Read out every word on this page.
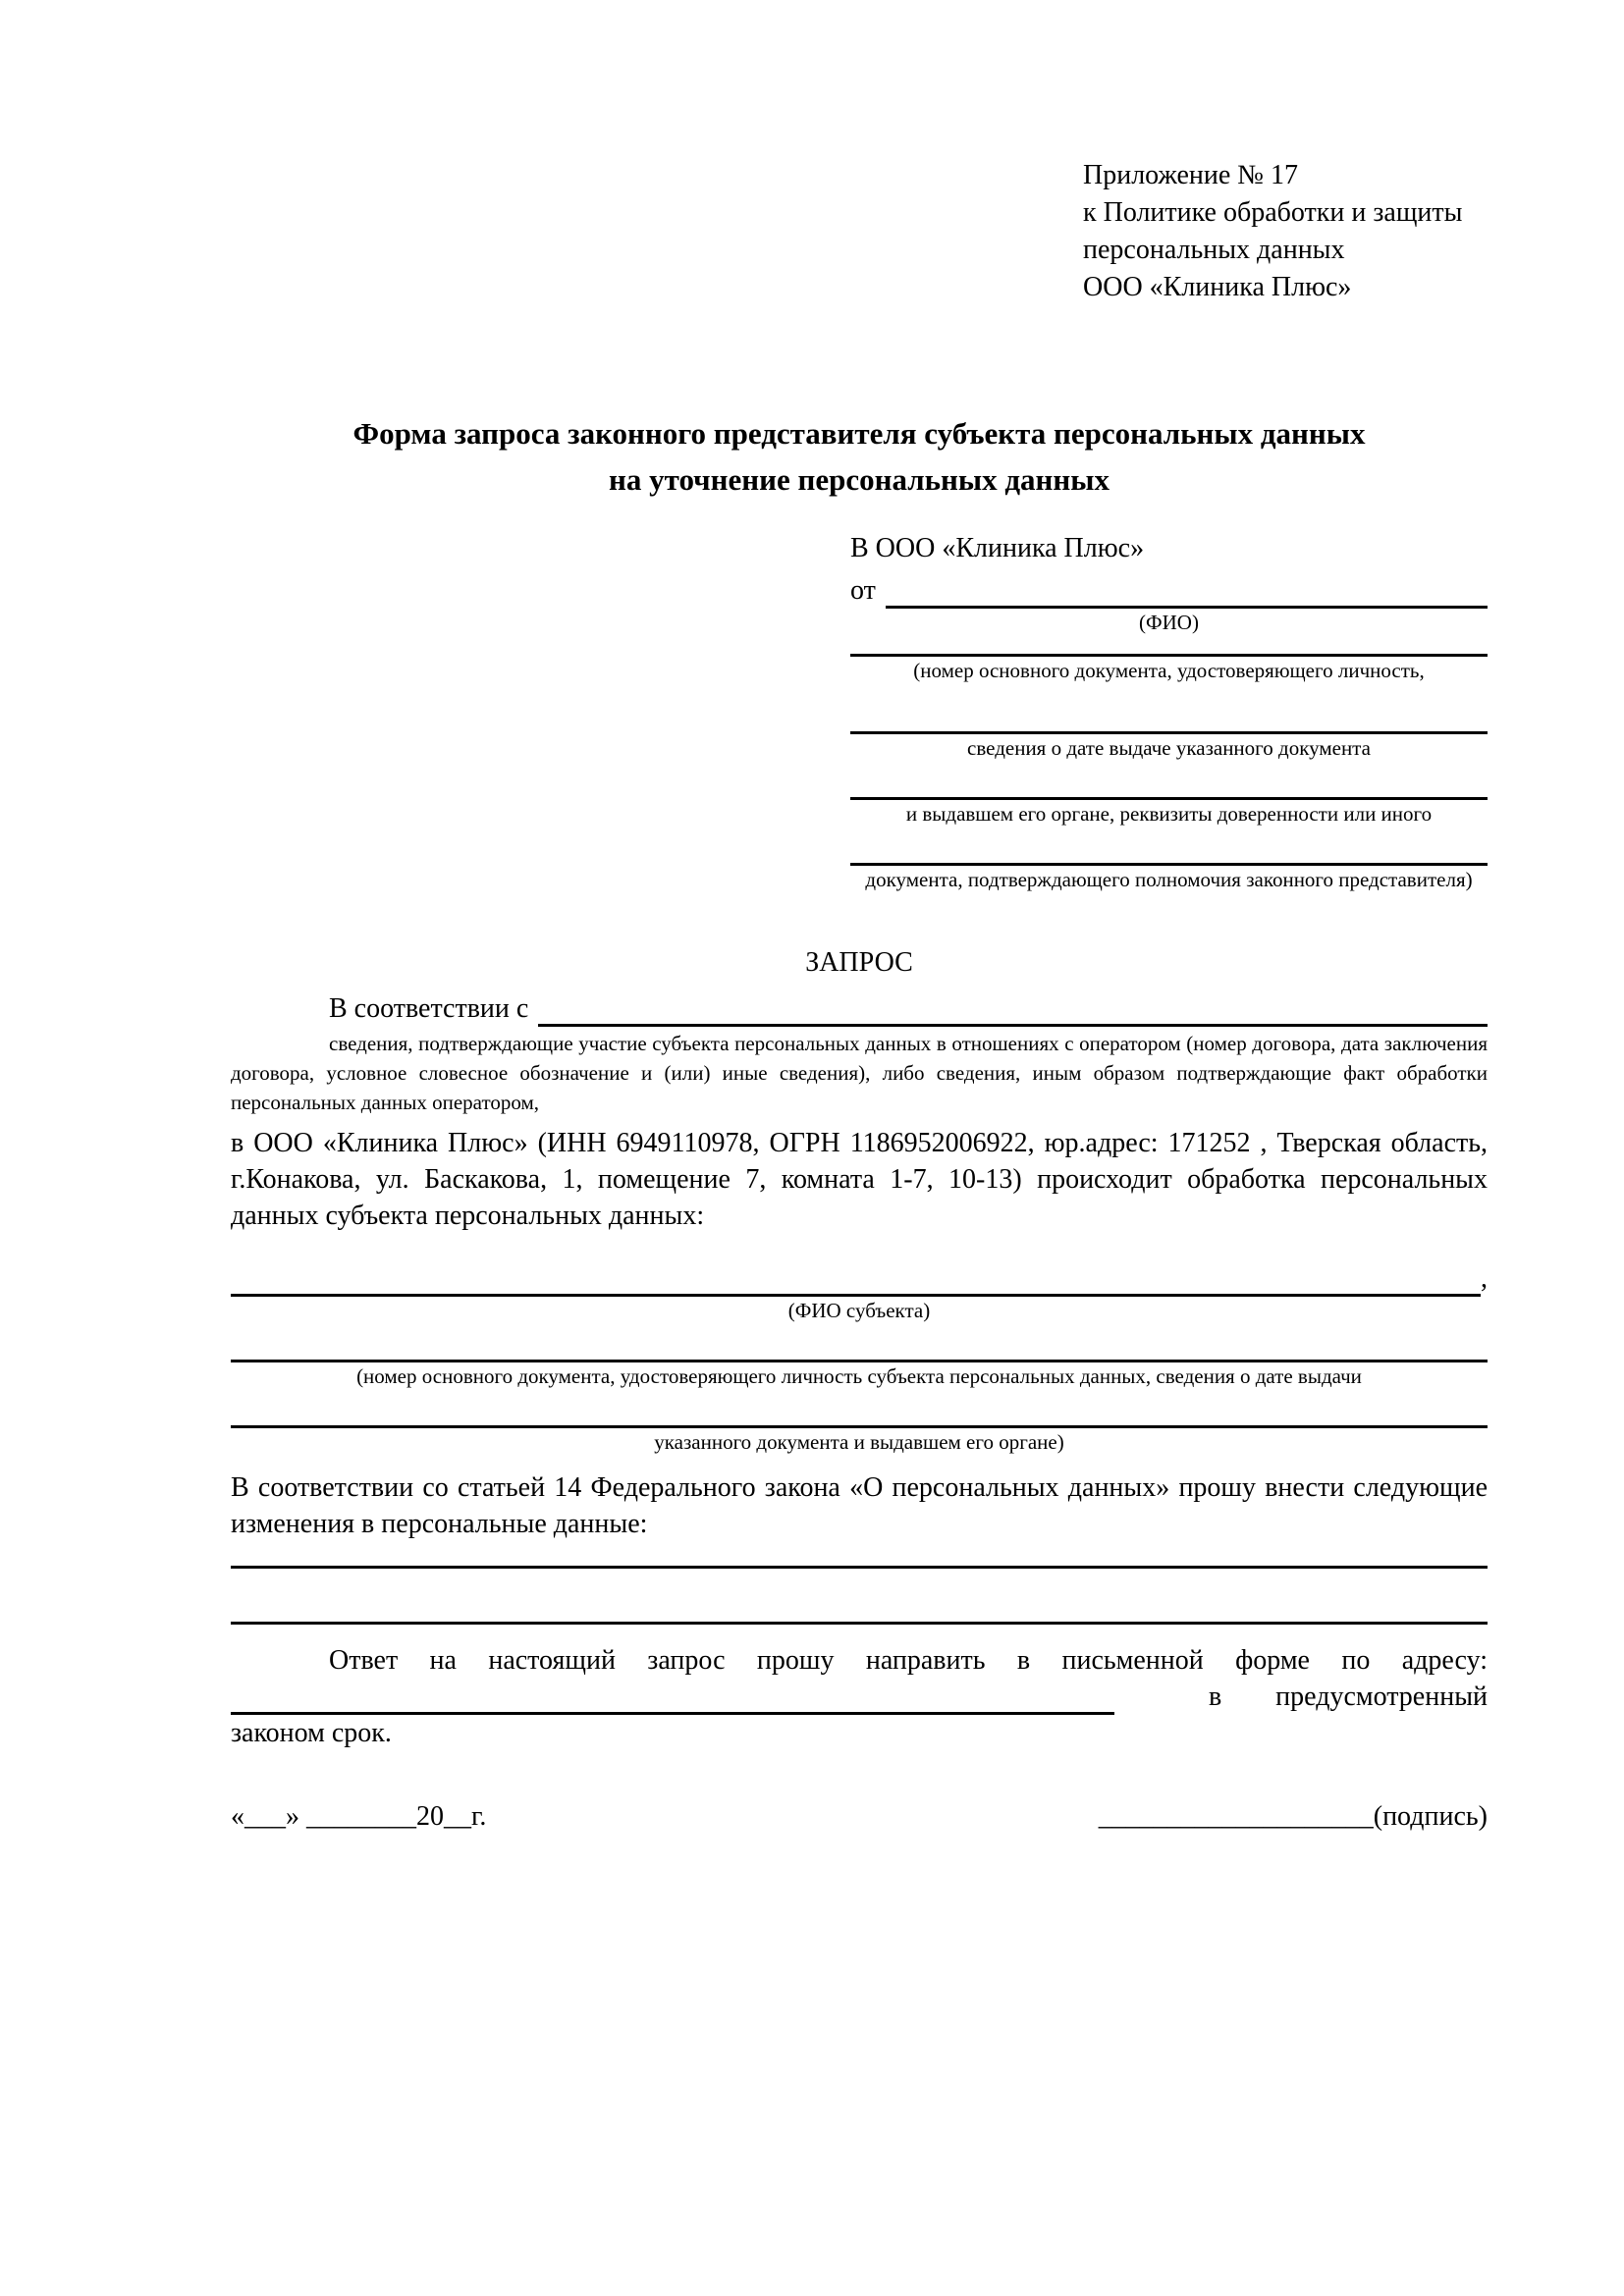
Приложение № 17
к Политике обработки и защиты
персональных данных
ООО «Клиника Плюс»
Форма запроса законного представителя субъекта персональных данных
на уточнение персональных данных
В ООО «Клиника Плюс»
от
(ФИО)
(номер основного документа, удостоверяющего личность,
сведения о дате выдаче указанного документа
и выдавшем его органе, реквизиты доверенности или иного
документа, подтверждающего полномочия законного представителя)
ЗАПРОС
В соответствии с
сведения, подтверждающие участие субъекта персональных данных в отношениях с оператором (номер договора, дата заключения договора, условное словесное обозначение и (или) иные сведения), либо сведения, иным образом подтверждающие факт обработки персональных данных оператором,

в ООО «Клиника Плюс» (ИНН 6949110978, ОГРН 1186952006922, юр.адрес: 171252 , Тверская область, г.Конакова, ул. Баскакова, 1, помещение 7, комната 1-7, 10-13) происходит обработка персональных данных субъекта персональных данных:

,
(ФИО субъекта)
(номер основного документа, удостоверяющего личность субъекта персональных данных, сведения о дате выдачи
указанного документа и выдавшем его органе)

В соответствии со статьей 14 Федерального закона «О персональных данных» прошу внести следующие изменения в персональные данные:

Ответ на настоящий запрос прошу направить в письменной форме по адресу:
в предусмотренный
законом срок.
«___» ________20__г.	____________________(подпись)
